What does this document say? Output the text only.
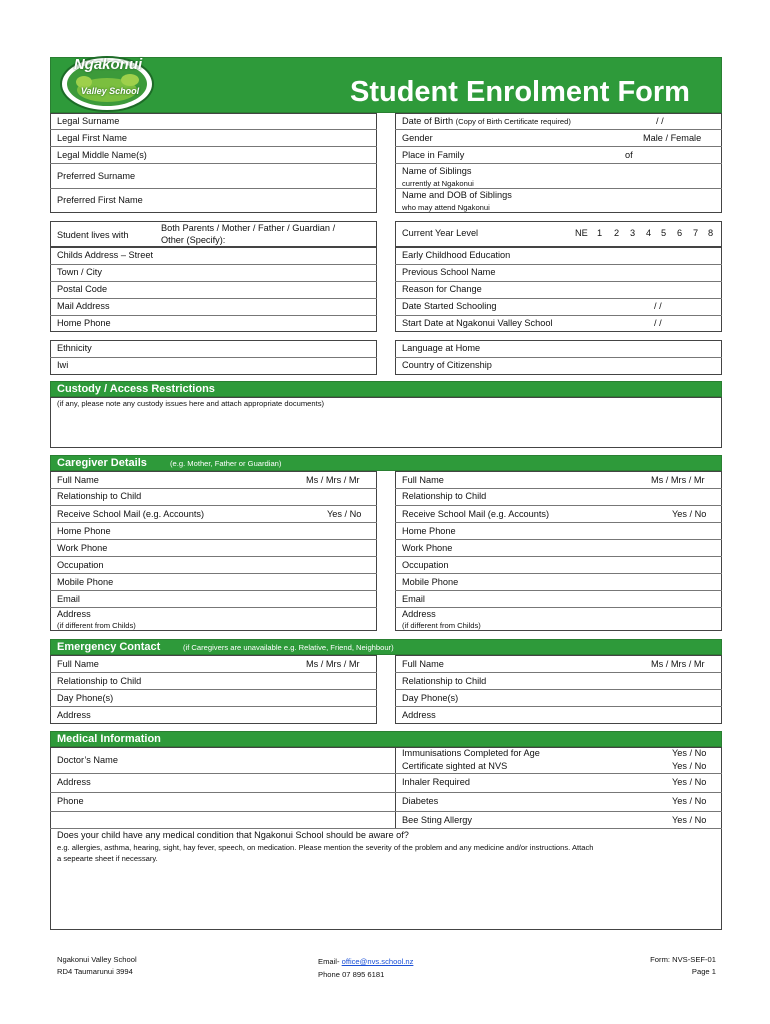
Ngakonui
Valley School	Student Enrolment Form
Legal Surname
Legal First Name
Legal Middle Name(s)
Preferred Surname
Preferred First Name
Date of Birth (Copy of Birth Certificate required)	/ /
Gender	Male / Female
Place in Family	of
Name of Siblings
currently at Ngakonui
Name and DOB of Siblings
who may attend Ngakonui
Student lives with
Both Parents / Mother / Father / Guardian /
Other (Specify):
Current Year Level	NE 1 2 3 4 5 6 7 8
Childs Address – Street
Town / City
Postal Code
Mail Address
Home Phone
Early Childhood Education
Previous School Name
Reason for Change
Date Started Schooling	/ /
Start Date at Ngakonui Valley School	/ /
Ethnicity
Iwi
Language at Home
Country of Citizenship
Custody / Access Restrictions
(if any, please note any custody issues here and attach appropriate documents)
Caregiver Details	(e.g. Mother, Father or Guardian)
Full Name	Ms / Mrs / Mr
Relationship to Child
Receive School Mail (e.g. Accounts)	Yes / No
Home Phone
Work Phone
Occupation
Mobile Phone
Email
Address
(if different from Childs)
Full Name	Ms / Mrs / Mr
Relationship to Child
Receive School Mail (e.g. Accounts)	Yes / No
Home Phone
Work Phone
Occupation
Mobile Phone
Email
Address
(if different from Childs)
Emergency Contact	(if Caregivers are unavailable e.g. Relative, Friend, Neighbour)
Full Name	Ms / Mrs / Mr
Relationship to Child
Day Phone(s)
Address
Full Name	Ms / Mrs / Mr
Relationship to Child
Day Phone(s)
Address
Medical Information
Doctor’s Name
Address
Phone
Immunisations Completed for Age	Yes / No
Certificate sighted at NVS	Yes / No
Inhaler Required	Yes / No
Diabetes	Yes / No
Bee Sting Allergy	Yes / No
Does your child have any medical condition that Ngakonui School should be aware of?
e.g. allergies, asthma, hearing, sight, hay fever, speech, on medication. Please mention the severity of the problem and any medicine and/or instructions. Attach
a sepearte sheet if necessary.
Ngakonui Valley School
RD4 Taumarunui 3994
Email- office@nvs.school.nz
Phone 07 895 6181
Form: NVS-SEF-01
Page 1
